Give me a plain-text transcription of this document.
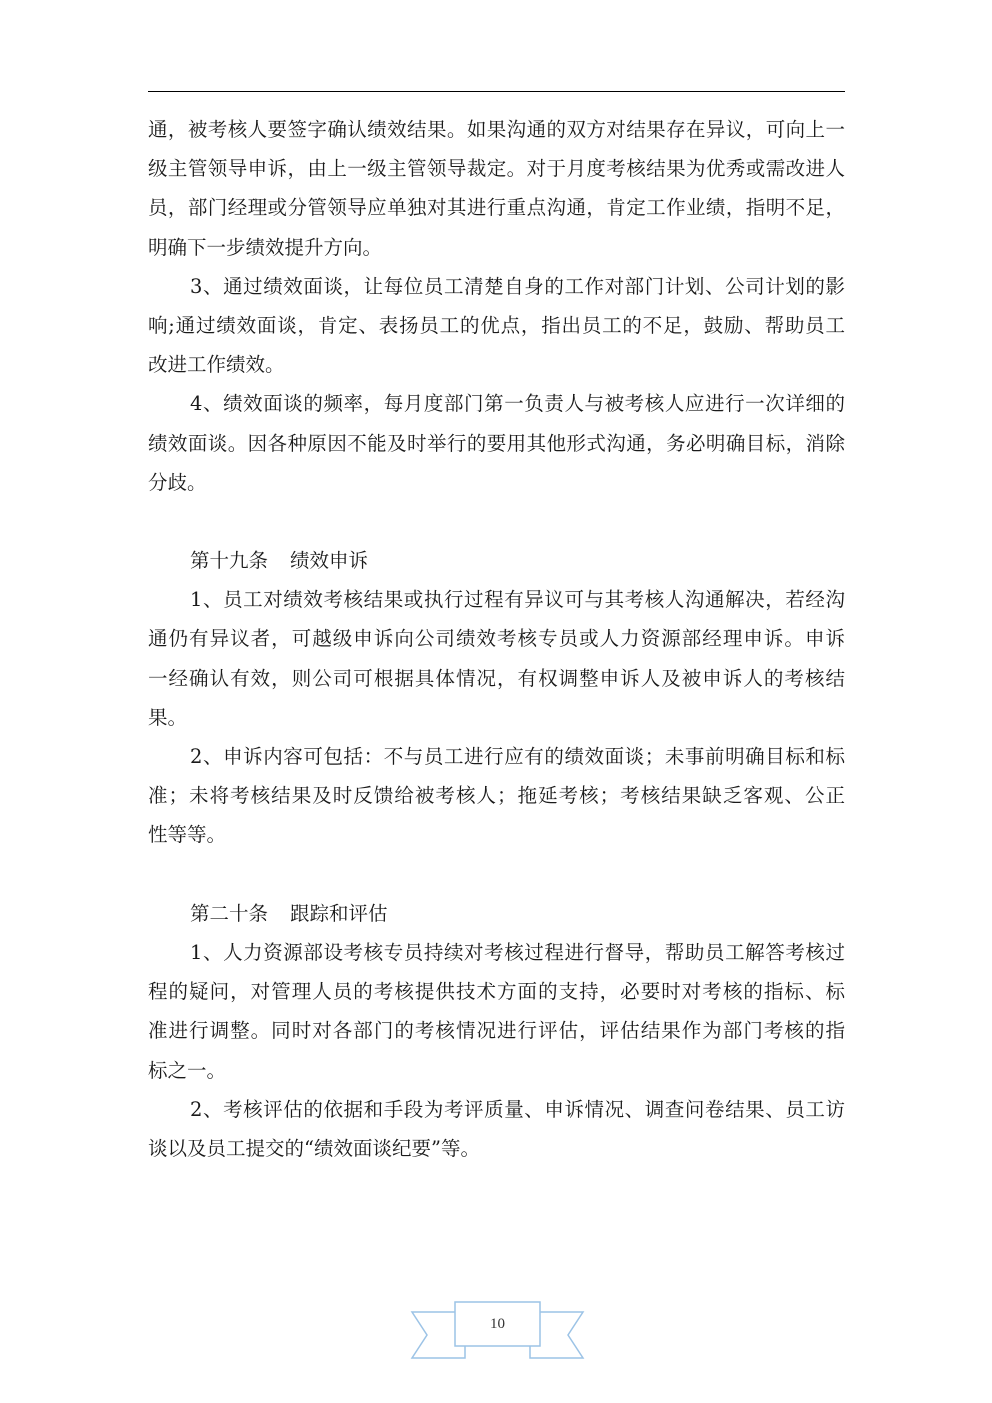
通，被考核人要签字确认绩效结果。如果沟通的双方对结果存在异议，可向上一
级主管领导申诉，由上一级主管领导裁定。对于月度考核结果为优秀或需改进人
员，部门经理或分管领导应单独对其进行重点沟通，肯定工作业绩，指明不足，
明确下一步绩效提升方向。
3、通过绩效面谈，让每位员工清楚自身的工作对部门计划、公司计划的影
响;通过绩效面谈，肯定、表扬员工的优点，指出员工的不足，鼓励、帮助员工
改进工作绩效。
4、绩效面谈的频率，每月度部门第一负责人与被考核人应进行一次详细的
绩效面谈。因各种原因不能及时举行的要用其他形式沟通，务必明确目标，消除
分歧。
第十九条 绩效申诉
1、员工对绩效考核结果或执行过程有异议可与其考核人沟通解决，若经沟
通仍有异议者，可越级申诉向公司绩效考核专员或人力资源部经理申诉。申诉
一经确认有效，则公司可根据具体情况，有权调整申诉人及被申诉人的考核结
果。
2、申诉内容可包括：不与员工进行应有的绩效面谈；未事前明确目标和标
准；未将考核结果及时反馈给被考核人；拖延考核；考核结果缺乏客观、公正
性等等。
第二十条 跟踪和评估
1、人力资源部设考核专员持续对考核过程进行督导，帮助员工解答考核过
程的疑问，对管理人员的考核提供技术方面的支持，必要时对考核的指标、标
准进行调整。同时对各部门的考核情况进行评估，评估结果作为部门考核的指
标之一。
2、考核评估的依据和手段为考评质量、申诉情况、调查问卷结果、员工访
谈以及员工提交的“绩效面谈纪要”等。
10
